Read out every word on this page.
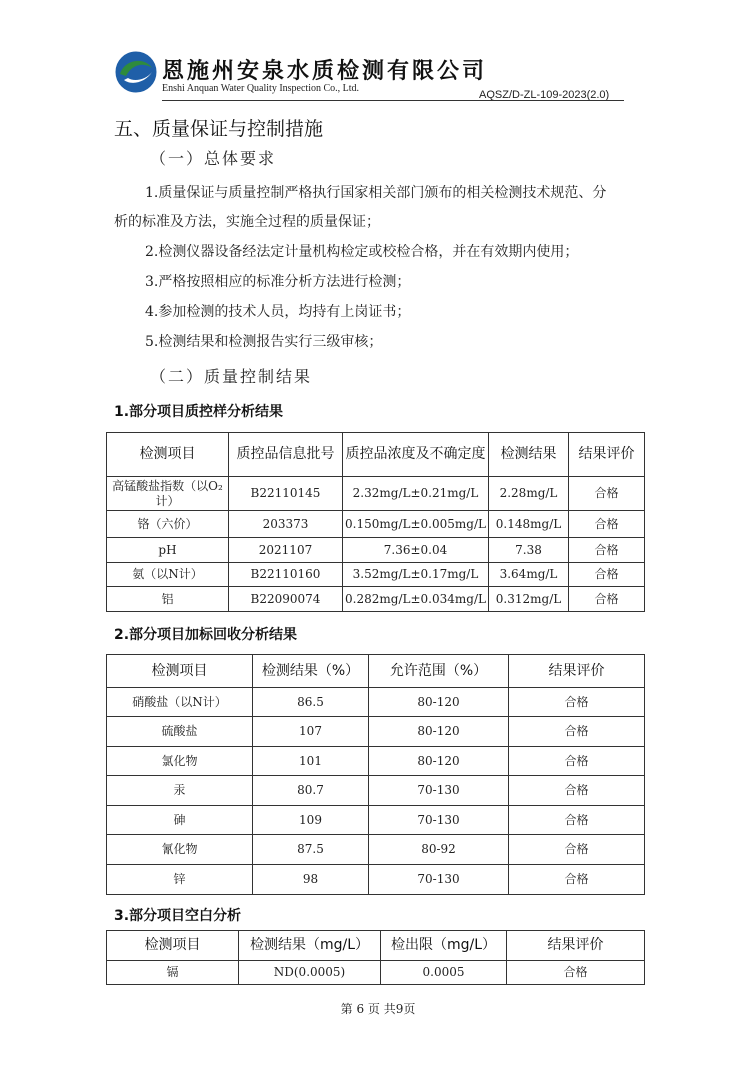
恩施州安泉水质检测有限公司
Enshi Anquan Water Quality Inspection Co., Ltd.
AQSZ/D-ZL-109-2023(2.0)
五、质量保证与控制措施
（一）总体要求
1.质量保证与质量控制严格执行国家相关部门颁布的相关检测技术规范、分
析的标准及方法，实施全过程的质量保证；
2.检测仪器设备经法定计量机构检定或校检合格，并在有效期内使用；
3.严格按照相应的标准分析方法进行检测；
4.参加检测的技术人员，均持有上岗证书；
5.检测结果和检测报告实行三级审核；
（二）质量控制结果
1.部分项目质控样分析结果
检测项目	质控品信息批号	质控品浓度及不确定度	检测结果	结果评价
高锰酸盐指数（以O₂计）	B22110145	2.32mg/L±0.21mg/L	2.28mg/L	合格
铬（六价）	203373	0.150mg/L±0.005mg/L	0.148mg/L	合格
pH	2021107	7.36±0.04	7.38	合格
氨（以N计）	B22110160	3.52mg/L±0.17mg/L	3.64mg/L	合格
铝	B22090074	0.282mg/L±0.034mg/L	0.312mg/L	合格
2.部分项目加标回收分析结果
检测项目	检测结果（%）	允许范围（%）	结果评价
硝酸盐（以N计）	86.5	80-120	合格
硫酸盐	107	80-120	合格
氯化物	101	80-120	合格
汞	80.7	70-130	合格
砷	109	70-130	合格
氰化物	87.5	80-92	合格
锌	98	70-130	合格
3.部分项目空白分析
检测项目	检测结果（mg/L）	检出限（mg/L）	结果评价
镉	ND(0.0005)	0.0005	合格
第 6 页 共9页
